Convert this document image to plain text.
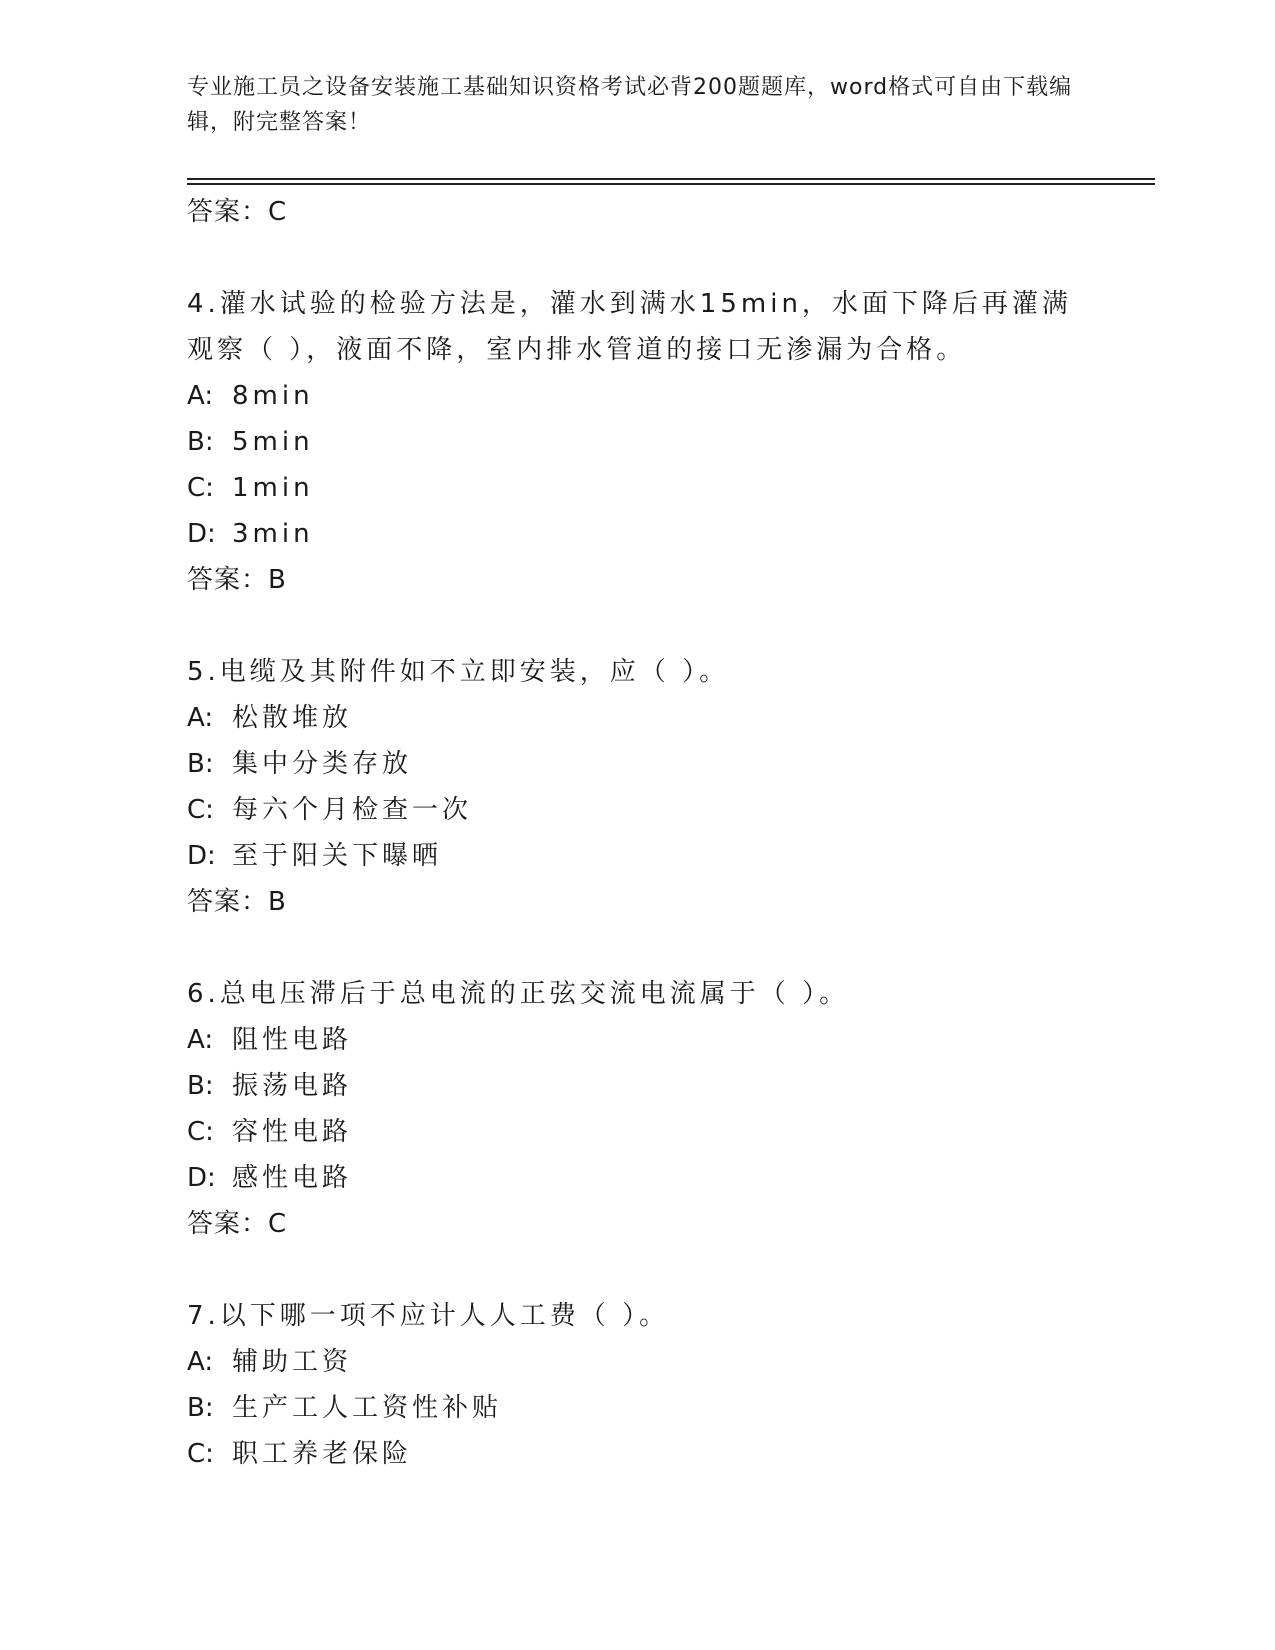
专业施工员之设备安装施工基础知识资格考试必背200题题库，word格式可自由下载编辑，附完整答案！
答案：C
4.灌水试验的检验方法是，灌水到满水15min，水面下降后再灌满观察（ ），液面不降，室内排水管道的接口无渗漏为合格。
A: 8min
B: 5min
C: 1min
D: 3min
答案：B
5.电缆及其附件如不立即安装，应（ ）。
A: 松散堆放
B: 集中分类存放
C: 每六个月检查一次
D: 至于阳关下曝晒
答案：B
6.总电压滞后于总电流的正弦交流电流属于（ ）。
A: 阻性电路
B: 振荡电路
C: 容性电路
D: 感性电路
答案：C
7.以下哪一项不应计人人工费（ ）。
A: 辅助工资
B: 生产工人工资性补贴
C: 职工养老保险
